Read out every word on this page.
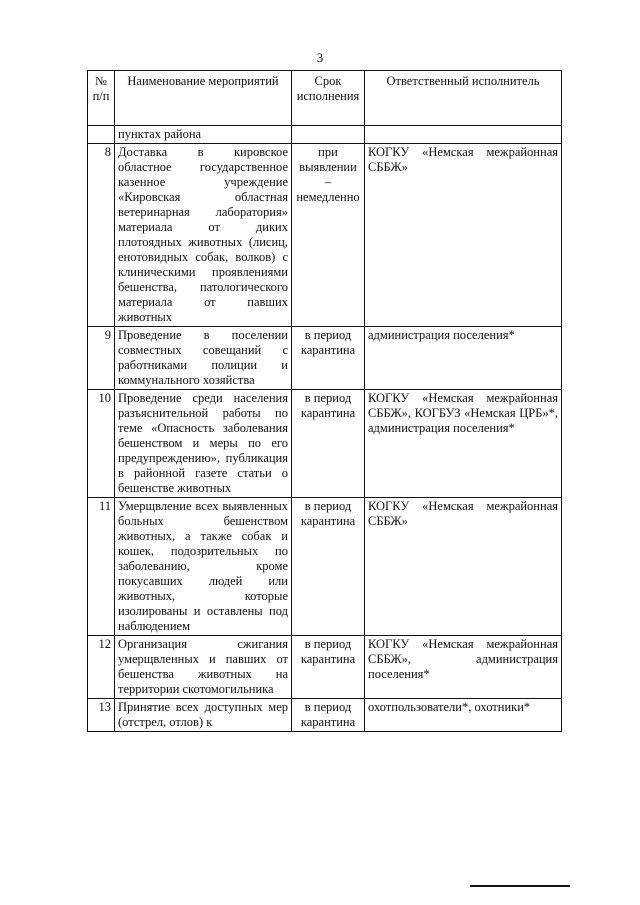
3
№ п/п	Наименование мероприятий	Срок исполнения	Ответственный исполнитель
	пунктах района		
8	Доставка в кировское областное государственное казенное учреждение «Кировская областная ветеринарная лаборатория» материала от диких плотоядных животных (лисиц, енотовидных собак, волков) с клиническими проявлениями бешенства, патологического материала от павших животных	при выявлении – немедленно	КОГКУ «Немская межрайонная СББЖ»
9	Проведение в поселении совместных совещаний с работниками полиции и коммунального хозяйства	в период карантина	администрация поселения*
10	Проведение среди населения разъяснительной работы по теме «Опасность заболевания бешенством и меры по его предупреждению», публикация в районной газете статьи о бешенстве животных	в период карантина	КОГКУ «Немская межрайонная СББЖ», КОГБУЗ «Немская ЦРБ»*, администрация поселения*
11	Умерщвление всех выявленных больных бешенством животных, а также собак и кошек, подозрительных по заболеванию, кроме покусавших людей или животных, которые изолированы и оставлены под наблюдением	в период карантина	КОГКУ «Немская межрайонная СББЖ»
12	Организация сжигания умерщвленных и павших от бешенства животных на территории скотомогильника	в период карантина	КОГКУ «Немская межрайонная СББЖ», администрация поселения*
13	Принятие всех доступных мер (отстрел, отлов) к	в период карантина	охотпользователи*, охотники*
